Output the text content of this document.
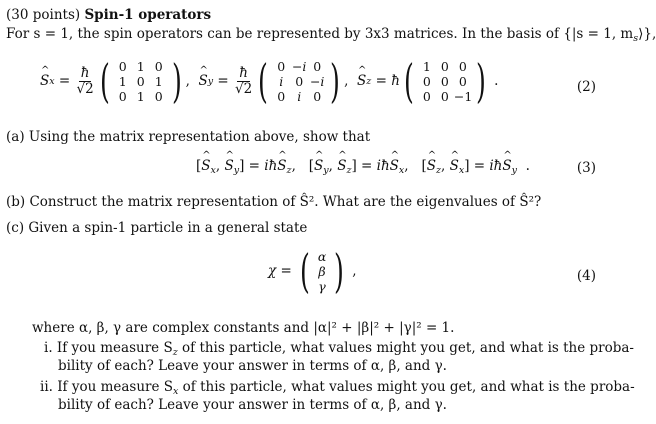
(30 points) Spin-1 operators
For s = 1, the spin operators can be represented by 3x3 matrices. In the basis of {|s = 1, $m_s⟩$},
^ S $x = \frac{ħ}{√2}$ ( 0 1 0
1 0 1
0 1 0 ) , ^ S $y = \frac{ħ}{√2}$ ( 0 −i 0
i 0 −i
0 i 0 ) , ^ S z = ħ ( 1 0 0
0 0 0
0 0 −1 ) .	(2)
(a) Using the matrix representation above, show that
[^ $S_x$, ^ $S_y$] = iħ^ $S_z$,   [^ $S_y$, ^ $S_z$] = iħ^ $S_x$,   [^ $S_z$, ^ $S_x$] = iħ^ $S_y$  .	(3)
(b) Construct the matrix representation of Ŝ². What are the eigenvalues of Ŝ²?
(c) Given a spin-1 particle in a general state
χ = ( α
β
γ ) ,	(4)
where α, β, γ are complex constants and |α|² + |β|² + |γ|² = 1.
i. If you measure $S_z$ of this particle, what values might you get, and what is the proba-
bility of each? Leave your answer in terms of α, β, and γ.
ii. If you measure $S_x$ of this particle, what values might you get, and what is the proba-
bility of each? Leave your answer in terms of α, β, and γ.
